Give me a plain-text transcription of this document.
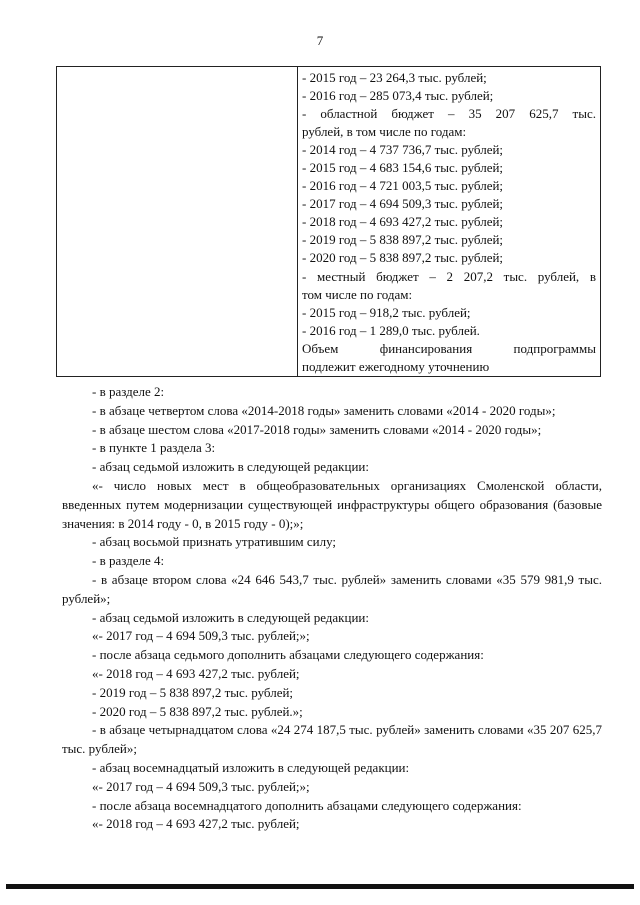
7

- 2015 год – 23 264,3 тыс. рублей;
- 2016 год – 285 073,4 тыс. рублей;
- областной бюджет – 35 207 625,7 тыс.
рублей, в том числе по годам:
- 2014 год – 4 737 736,7 тыс. рублей;
- 2015 год – 4 683 154,6 тыс. рублей;
- 2016 год – 4 721 003,5 тыс. рублей;
- 2017 год – 4 694 509,3 тыс. рублей;
- 2018 год – 4 693 427,2 тыс. рублей;
- 2019 год – 5 838 897,2 тыс. рублей;
- 2020 год – 5 838 897,2 тыс. рублей;
- местный бюджет – 2 207,2 тыс. рублей, в
том числе по годам:
- 2015 год – 918,2 тыс. рублей;
- 2016 год – 1 289,0 тыс. рублей.
Объем финансирования подпрограммы
подлежит ежегодному уточнению

- в разделе 2:

- в абзаце четвертом слова «2014-2018 годы» заменить словами «2014 - 2020 годы»;

- в абзаце шестом слова «2017-2018 годы» заменить словами «2014 - 2020 годы»;

- в пункте 1 раздела 3:

- абзац седьмой изложить в следующей редакции:

«- число новых мест в общеобразовательных организациях Смоленской области, введенных путем модернизации существующей инфраструктуры общего образования (базовые значения: в 2014 году - 0, в 2015 году - 0);»;

- абзац восьмой признать утратившим силу;

- в разделе 4:

- в абзаце втором слова «24 646 543,7 тыс. рублей» заменить словами «35 579 981,9 тыс. рублей»;

- абзац седьмой изложить в следующей редакции:

«- 2017 год – 4 694 509,3 тыс. рублей;»;

- после абзаца седьмого дополнить абзацами следующего содержания:

«- 2018 год – 4 693 427,2 тыс. рублей;

- 2019 год – 5 838 897,2 тыс. рублей;

- 2020 год – 5 838 897,2 тыс. рублей.»;

- в абзаце четырнадцатом слова «24 274 187,5 тыс. рублей» заменить словами «35 207 625,7 тыс. рублей»;

- абзац восемнадцатый изложить в следующей редакции:

«- 2017 год – 4 694 509,3 тыс. рублей;»;

- после абзаца восемнадцатого дополнить абзацами следующего содержания:

«- 2018 год – 4 693 427,2 тыс. рублей;
